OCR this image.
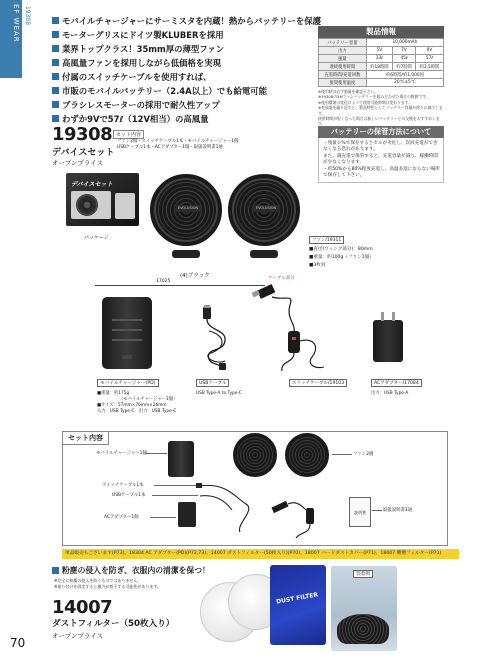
EF WEAR 19308	モバイルチャージャーにサーミスタを内蔵！熱からバッテリーを保護
モーターグリスにドイツ製KLUBERを採用
業界トップクラス！35mm厚の薄型ファン
高風量ファンを採用しながら低価格を実現
付属のスイッチケーブルを使用すれば、
市販のモバイルバッテリー（2.4A以上）でも給電可能
ブラシレスモーターの採用で耐久性アップ
わずか9Vで57ℓ（12V相当）の高風量
製品情報
バッテリー容量	10,000mAh		
出力	5V	7V	9V
風量	33ℓ	45ℓ	57ℓ
連続使用時間	約18時間	約7時間	約3.5時間
充電時間/充電回数	約6時間/約1,000回		
推奨使用温度	20℃±5℃		
※使用時は必ず風量を確認下さい。
※19308の3Mファンバッテリーを組み合わせた場合の数値です。
※使用環境の変化によって使用可能時間は変わります。
※充放電を繰り返すと、製品特性としてバッテリー容量が徐々に減少します。
使用時間が短くなった場合は新しいバッテリーとの交換をおすすめします。
バッテリーの保管方法について
・残量０%で保存するとセルが劣化し、次回充電ができなくなる恐れがあります。
また、満充電で保管すると、充電容量が減り、稼働時間が少なくなります。
・約50%から80%程度充電し、高温多湿にならない場所で保存して下さい。
19308
デバイスセット
オープンプライス
セット内容
ファン2個・スイッチケーブル1本・モバイルチャージャー1個
USBケーブル1本・ACアダプター1個・取扱説明書1通
デバイスセット
パッケージ
EVOLUSION	EVOLUSION
ファン/19311
■直径(ウィング部分)：80mm
■重量：約100g（ファン1個）
■3枚羽
(4)ブラック
17025
ケーブル部分
モバイルチャージャー(PD)
■重量：約175g
（モバイルチャージャー1個）
■サイズ：57mm×76mm×26mm
入力：USB Type-C　出力：USB Type-C
USBケーブル
USB Type-A to Type-C
スイッチケーブル/19103	ACアダプター/17084
出力：USB Type-A
セット内容
モバイルチャージャー1個	ファン2個
スイッチケーブル1本
USBケーブル1本
ACアダプター1個
説明書	取扱説明書1通
単品販売もございます(P73)。18304 AC アダプター(PD)(P72,73)、14007 ダストフィルター(50枚入り)(P70)、18007 ハードダストカバー(P71)、18007 難燃フィルター(P71)
粉塵の侵入を防ぎ、衣服内の清潔を保つ！
※完全に粉塵の侵入を防ぐものではありません。
※取り付けを固定すると風力が低下する可能性があります。
14007
ダストフィルター（50枚入り）
オープンプライス
DUST FILTER
装着例
70
